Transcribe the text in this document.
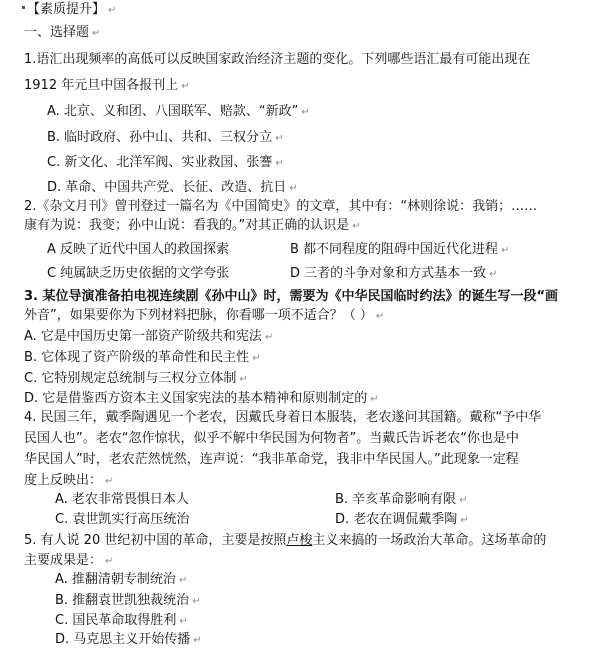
【素质提升】 ↵
一、选择题 ↵
1.语汇出现频率的高低可以反映国家政治经济主题的变化。下列哪些语汇最有可能出现在
1912 年元旦中国各报刊上 ↵
A. 北京、义和团、八国联军、赔款、“新政” ↵
B. 临时政府、孙中山、共和、三权分立 ↵
C. 新文化、北洋军阀、实业救国、张謇 ↵
D. 革命、中国共产党、长征、改造、抗日 ↵
2.《杂文月刊》曾刊登过一篇名为《中国简史》的文章，其中有：“林则徐说：我销；……
康有为说：我变；孙中山说：看我的。”对其正确的认识是 ↵
A 反映了近代中国人的救国探索	B 都不同程度的阻碍中国近代化进程 ↵
C 纯属缺乏历史依据的文学夸张	D 三者的斗争对象和方式基本一致 ↵
3. 某位导演准备拍电视连续剧《孙中山》时，需要为《中华民国临时约法》的诞生写一段“画
外音”，如果要你为下列材料把脉，你看哪一项不适合？（ ） ↵
A. 它是中国历史第一部资产阶级共和宪法 ↵
B. 它体现了资产阶级的革命性和民主性 ↵
C. 它特别规定总统制与三权分立体制 ↵
D. 它是借鉴西方资本主义国家宪法的基本精神和原则制定的 ↵
4. 民国三年，戴季陶遇见一个老农，因戴氏身着日本服装，老农遂问其国籍。戴称“予中华
民国人也”。老农“忽作惊状，似乎不解中华民国为何物者”。当戴氏告诉老农“你也是中
华民国人”时，老农茫然恍然，连声说：“我非革命党，我非中华民国人。”此现象一定程
度上反映出： ↵
A. 老农非常畏惧日本人	B. 辛亥革命影响有限 ↵
C. 袁世凯实行高压统治	D. 老农在调侃戴季陶 ↵
5. 有人说 20 世纪初中国的革命，主要是按照卢梭主义来搞的一场政治大革命。这场革命的
主要成果是： ↵
A. 推翻清朝专制统治 ↵
B. 推翻袁世凯独裁统治 ↵
C. 国民革命取得胜利 ↵
D. 马克思主义开始传播 ↵
